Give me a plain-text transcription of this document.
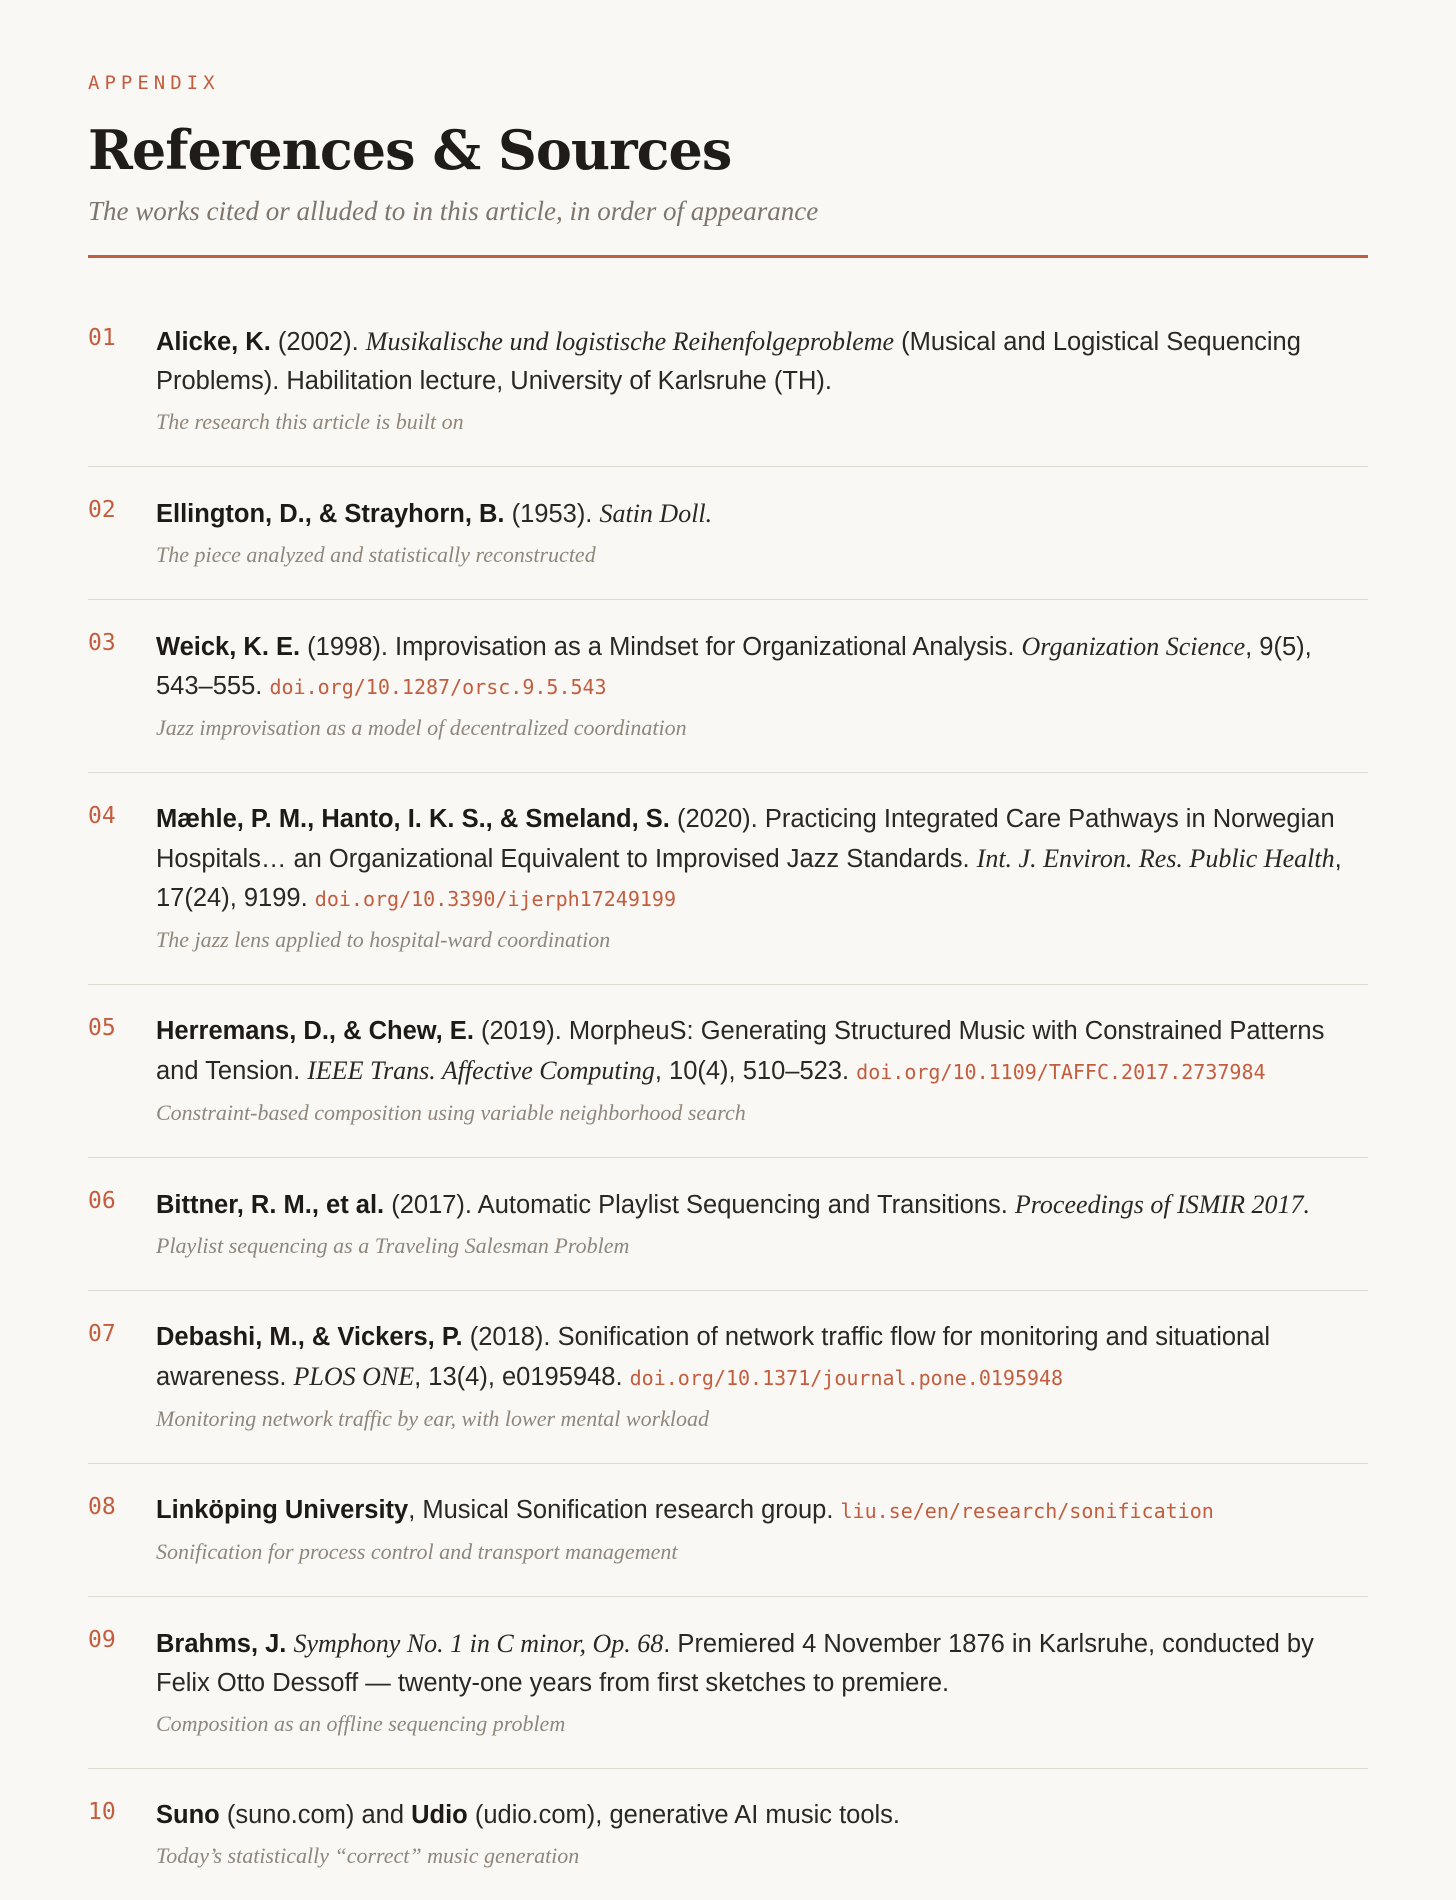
APPENDIX
References & Sources
The works cited or alluded to in this article, in order of appearance
01 Alicke, K. (2002). Musikalische und logistische Reihenfolgeprobleme (Musical and Logistical Sequencing Problems). Habilitation lecture, University of Karlsruhe (TH).
The research this article is built on
02 Ellington, D., & Strayhorn, B. (1953). Satin Doll.
The piece analyzed and statistically reconstructed
03 Weick, K. E. (1998). Improvisation as a Mindset for Organizational Analysis. Organization Science, 9(5), 543–555. doi.org/10.1287/orsc.9.5.543
Jazz improvisation as a model of decentralized coordination
04 Mæhle, P. M., Hanto, I. K. S., & Smeland, S. (2020). Practicing Integrated Care Pathways in Norwegian Hospitals… an Organizational Equivalent to Improvised Jazz Standards. Int. J. Environ. Res. Public Health, 17(24), 9199. doi.org/10.3390/ijerph17249199
The jazz lens applied to hospital-ward coordination
05 Herremans, D., & Chew, E. (2019). MorpheuS: Generating Structured Music with Constrained Patterns and Tension. IEEE Trans. Affective Computing, 10(4), 510–523. doi.org/10.1109/TAFFC.2017.2737984
Constraint-based composition using variable neighborhood search
06 Bittner, R. M., et al. (2017). Automatic Playlist Sequencing and Transitions. Proceedings of ISMIR 2017.
Playlist sequencing as a Traveling Salesman Problem
07 Debashi, M., & Vickers, P. (2018). Sonification of network traffic flow for monitoring and situational awareness. PLOS ONE, 13(4), e0195948. doi.org/10.1371/journal.pone.0195948
Monitoring network traffic by ear, with lower mental workload
08 Linköping University, Musical Sonification research group. liu.se/en/research/sonification
Sonification for process control and transport management
09 Brahms, J. Symphony No. 1 in C minor, Op. 68. Premiered 4 November 1876 in Karlsruhe, conducted by Felix Otto Dessoff — twenty-one years from first sketches to premiere.
Composition as an offline sequencing problem
10 Suno (suno.com) and Udio (udio.com), generative AI music tools.
Today’s statistically “correct” music generation
